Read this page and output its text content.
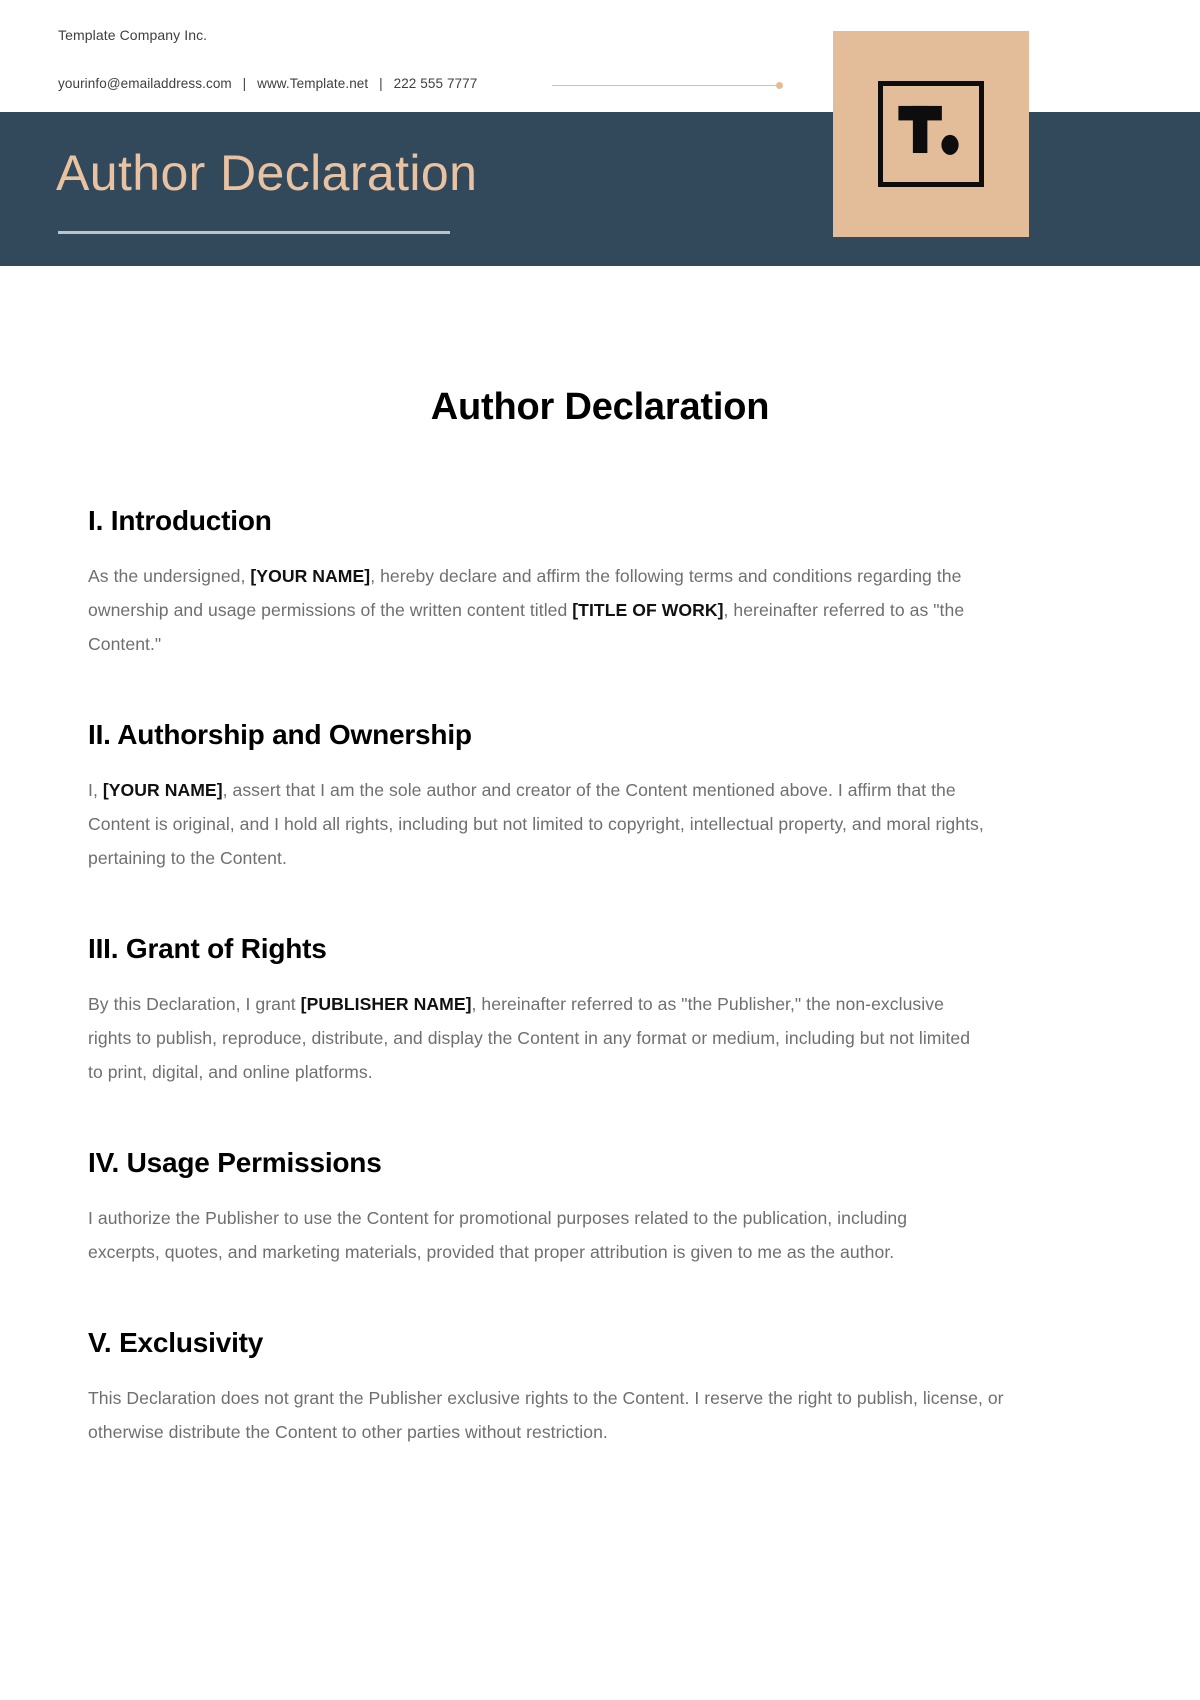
Template Company Inc.
yourinfo@emailaddress.com | www.Template.net | 222 555 7777
Author Declaration
Author Declaration
I. Introduction

As the undersigned, [YOUR NAME], hereby declare and affirm the following terms and conditions regarding the ownership and usage permissions of the written content titled [TITLE OF WORK], hereinafter referred to as "the Content."

II. Authorship and Ownership

I, [YOUR NAME], assert that I am the sole author and creator of the Content mentioned above. I affirm that the Content is original, and I hold all rights, including but not limited to copyright, intellectual property, and moral rights, pertaining to the Content.

III. Grant of Rights

By this Declaration, I grant [PUBLISHER NAME], hereinafter referred to as "the Publisher," the non-exclusive rights to publish, reproduce, distribute, and display the Content in any format or medium, including but not limited to print, digital, and online platforms.

IV. Usage Permissions

I authorize the Publisher to use the Content for promotional purposes related to the publication, including excerpts, quotes, and marketing materials, provided that proper attribution is given to me as the author.

V. Exclusivity

This Declaration does not grant the Publisher exclusive rights to the Content. I reserve the right to publish, license, or otherwise distribute the Content to other parties without restriction.
